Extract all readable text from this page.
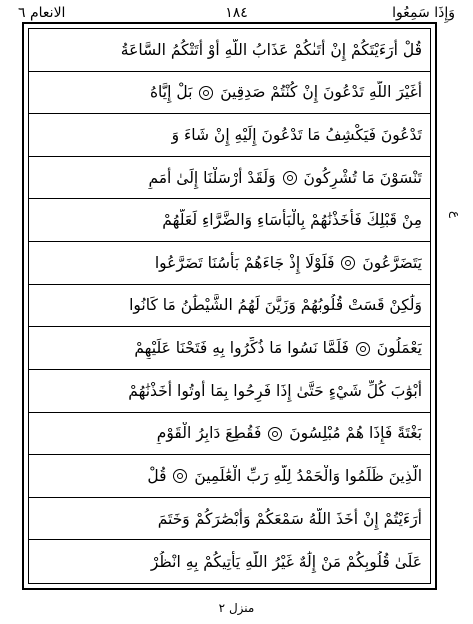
الانعام ٦	١٨٤	وَإِذَا سَمِعُوا
قُلْ أَرَءَيْتَكُمْ إِنْ أَتَىٰكُمْ عَذَابُ اللَّهِ أَوْ أَتَتْكُمُ السَّاعَةُ
أَغَيْرَ اللَّهِ تَدْعُونَ إِنْ كُنْتُمْ صَدِقِينَ  بَلْ إِيَّاهُ
تَدْعُونَ فَيَكْشِفُ مَا تَدْعُونَ إِلَيْهِ إِنْ شَاءَ وَ
تَنْسَوْنَ مَا تُشْرِكُونَ  وَلَقَدْ أَرْسَلْنَا إِلَىٰ أُمَمٍ
مِنْ قَبْلِكَ فَأَخَذْنَٰهُمْ بِالْبَأْسَاءِ وَالضَّرَّاءِ لَعَلَّهُمْ
يَتَضَرَّعُونَ  فَلَوْلَا إِذْ جَاءَهُمْ بَأْسُنَا تَضَرَّعُوا
وَلَٰكِنْ قَسَتْ قُلُوبُهُمْ وَزَيَّنَ لَهُمُ الشَّيْطَٰنُ مَا كَانُوا
يَعْمَلُونَ  فَلَمَّا نَسُوا مَا ذُكِّرُوا بِهِ فَتَحْنَا عَلَيْهِمْ
أَبْوَٰبَ كُلِّ شَيْءٍ حَتَّىٰ إِذَا فَرِحُوا بِمَا أُوتُوا أَخَذْنَٰهُمْ
بَغْتَةً فَإِذَا هُمْ مُبْلِسُونَ  فَقُطِعَ دَابِرُ الْقَوْمِ
الَّذِينَ ظَلَمُوا وَالْحَمْدُ لِلَّهِ رَبِّ الْعَٰلَمِينَ  قُلْ
أَرَءَيْتُمْ إِنْ أَخَذَ اللَّهُ سَمْعَكُمْ وَأَبْصَٰرَكُمْ وَخَتَمَ
عَلَىٰ قُلُوبِكُمْ مَنْ إِلَٰهٌ غَيْرُ اللَّهِ يَأْتِيكُمْ بِهِ انْظُرْ
ع
منزل ٢
